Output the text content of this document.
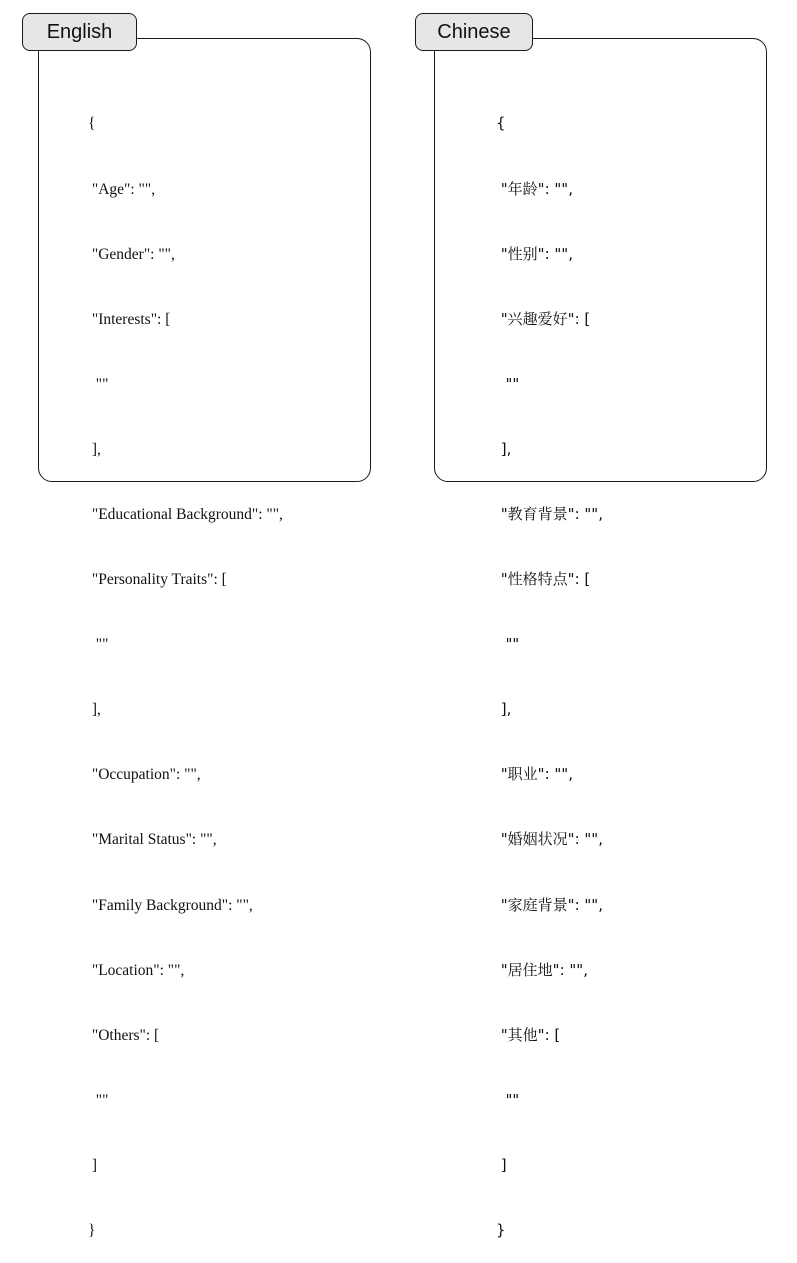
English

{

"Age": "",

"Gender": "",

"Interests": [

""

],

"Educational Background": "",

"Personality Traits": [

""

],

"Occupation": "",

"Marital Status": "",

"Family Background": "",

"Location": "",

"Others": [

""

]

}

Chinese

{

"年龄": "",

"性别": "",

"兴趣爱好": [

""

],

"教育背景": "",

"性格特点": [

""

],

"职业": "",

"婚姻状况": "",

"家庭背景": "",

"居住地": "",

"其他": [

""

]

}
